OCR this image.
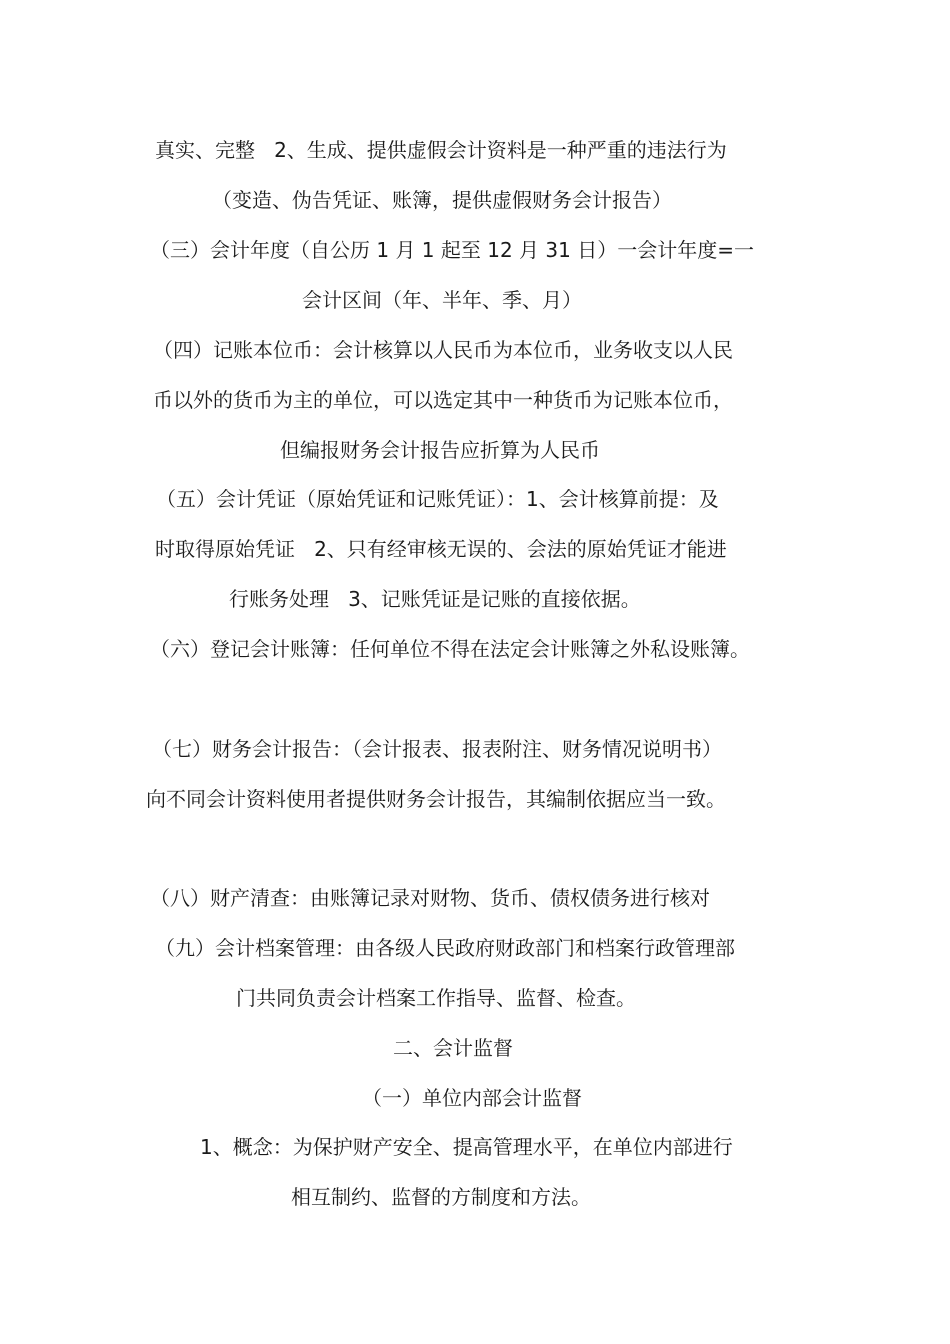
真实、完整   2、生成、提供虚假会计资料是一种严重的违法行为
（变造、伪告凭证、账簿，提供虚假财务会计报告）
（三）会计年度（自公历 1 月 1 起至 12 月 31 日）一会计年度=一
会计区间（年、半年、季、月）
（四）记账本位币：会计核算以人民币为本位币，业务收支以人民
币以外的货币为主的单位，可以选定其中一种货币为记账本位币，
但编报财务会计报告应折算为人民币
（五）会计凭证（原始凭证和记账凭证）：1、会计核算前提：及
时取得原始凭证   2、只有经审核无误的、会法的原始凭证才能进
行账务处理   3、记账凭证是记账的直接依据。
（六）登记会计账簿：任何单位不得在法定会计账簿之外私设账簿。
（七）财务会计报告：（会计报表、报表附注、财务情况说明书）
向不同会计资料使用者提供财务会计报告，其编制依据应当一致。
（八）财产清查：由账簿记录对财物、货币、债权债务进行核对
（九）会计档案管理：由各级人民政府财政部门和档案行政管理部
门共同负责会计档案工作指导、监督、检查。
二、会计监督
（一）单位内部会计监督
1、概念：为保护财产安全、提高管理水平，在单位内部进行
相互制约、监督的方制度和方法。
